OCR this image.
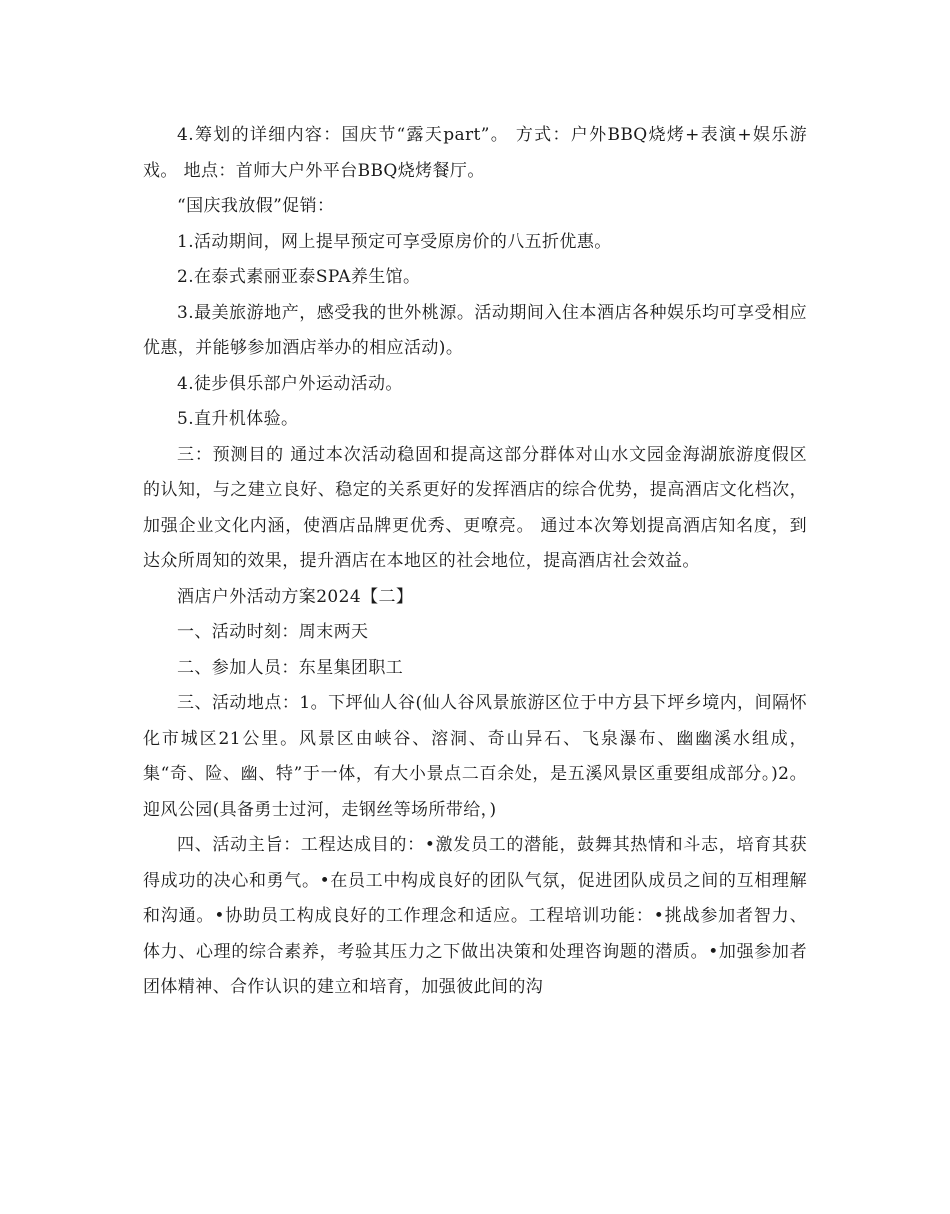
4.筹划的详细内容：国庆节“露天part”。 方式：户外BBQ烧烤+表演+娱乐游戏。 地点：首师大户外平台BBQ烧烤餐厅。

“国庆我放假”促销：

1.活动期间，网上提早预定可享受原房价的八五折优惠。

2.在泰式素丽亚泰SPA养生馆。

3.最美旅游地产，感受我的世外桃源。活动期间入住本酒店各种娱乐均可享受相应优惠，并能够参加酒店举办的相应活动)。

4.徒步俱乐部户外运动活动。

5.直升机体验。

三：预测目的 通过本次活动稳固和提高这部分群体对山水文园金海湖旅游度假区的认知，与之建立良好、稳定的关系更好的发挥酒店的综合优势，提高酒店文化档次，加强企业文化内涵，使酒店品牌更优秀、更嘹亮。 通过本次筹划提高酒店知名度，到达众所周知的效果，提升酒店在本地区的社会地位，提高酒店社会效益。

酒店户外活动方案2024【二】

一、活动时刻：周末两天

二、参加人员：东星集团职工

三、活动地点：1。下坪仙人谷(仙人谷风景旅游区位于中方县下坪乡境内，间隔怀化市城区21公里。风景区由峡谷、溶洞、奇山异石、飞泉瀑布、幽幽溪水组成，集“奇、险、幽、特”于一体，有大小景点二百余处，是五溪风景区重要组成部分。)2。迎风公园(具备勇士过河，走钢丝等场所带给，)

四、活动主旨：工程达成目的：•激发员工的潜能，鼓舞其热情和斗志，培育其获得成功的决心和勇气。•在员工中构成良好的团队气氛，促进团队成员之间的互相理解和沟通。•协助员工构成良好的工作理念和适应。工程培训功能：•挑战参加者智力、体力、心理的综合素养，考验其压力之下做出决策和处理咨询题的潜质。•加强参加者团体精神、合作认识的建立和培育，加强彼此间的沟
